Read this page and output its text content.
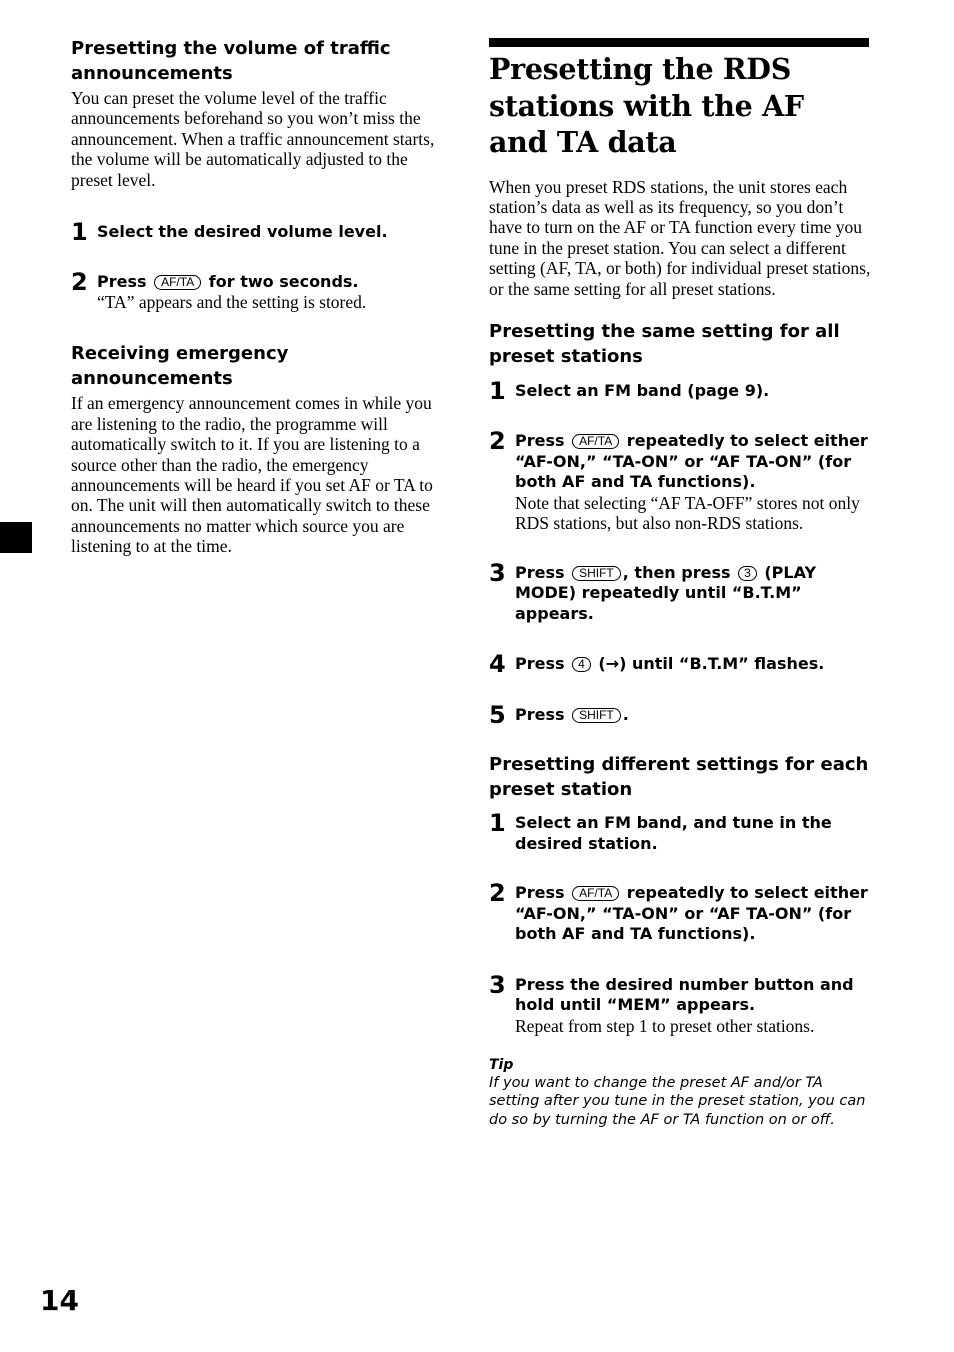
Presetting the volume of traffic announcements

You can preset the volume level of the traffic announcements beforehand so you won’t miss the announcement. When a traffic announcement starts, the volume will be automatically adjusted to the preset level.

1 Select the desired volume level.
2 Press AF/TA for two seconds.
“TA” appears and the setting is stored.
Receiving emergency announcements

If an emergency announcement comes in while you are listening to the radio, the programme will automatically switch to it. If you are listening to a source other than the radio, the emergency announcements will be heard if you set AF or TA to on. The unit will then automatically switch to these announcements no matter which source you are listening to at the time.

Presetting the RDS stations with the AF and TA data

When you preset RDS stations, the unit stores each station’s data as well as its frequency, so you don’t have to turn on the AF or TA function every time you tune in the preset station. You can select a different setting (AF, TA, or both) for individual preset stations, or the same setting for all preset stations.

Presetting the same setting for all preset stations
1 Select an FM band (page 9).
2 Press AF/TA repeatedly to select either “AF-ON,” “TA-ON” or “AF TA-ON” (for both AF and TA functions).
Note that selecting “AF TA-OFF” stores not only RDS stations, but also non-RDS stations.
3 Press SHIFT , then press 3 (PLAY MODE) repeatedly until “B.T.M” appears.
4 Press 4 (→) until “B.T.M” flashes.
5 Press SHIFT .
Presetting different settings for each preset station
1 Select an FM band, and tune in the desired station.
2 Press AF/TA repeatedly to select either “AF-ON,” “TA-ON” or “AF TA-ON” (for both AF and TA functions).
3 Press the desired number button and hold until “MEM” appears.
Repeat from step 1 to preset other stations.
Tip
If you want to change the preset AF and/or TA setting after you tune in the preset station, you can do so by turning the AF or TA function on or off.
14
